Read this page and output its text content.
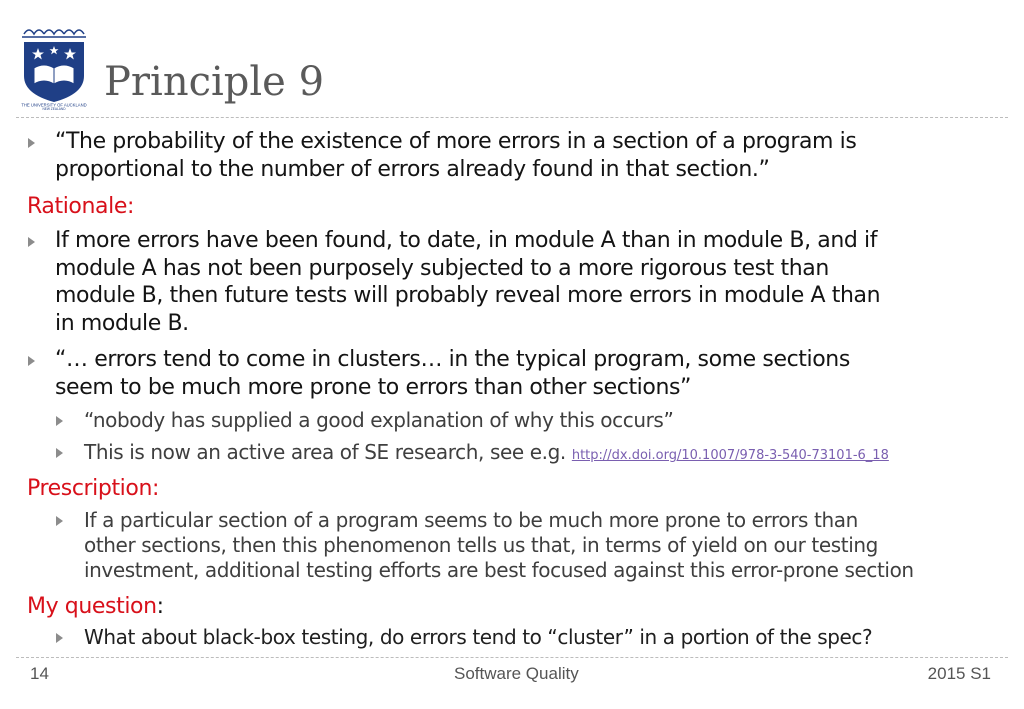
THE UNIVERSITY OF AUCKLAND
NEW ZEALAND
Principle 9
“The probability of the existence of more errors in a section of a program is
proportional to the number of errors already found in that section.”
Rationale:
If more errors have been found, to date, in module A than in module B, and if
module A has not been purposely subjected to a more rigorous test than
module B, then future tests will probably reveal more errors in module A than
in module B.
“… errors tend to come in clusters… in the typical program, some sections
seem to be much more prone to errors than other sections”
“nobody has supplied a good explanation of why this occurs”
This is now an active area of SE research, see e.g. http://dx.doi.org/10.1007/978-3-540-73101-6_18
Prescription:
If a particular section of a program seems to be much more prone to errors than
other sections, then this phenomenon tells us that, in terms of yield on our testing
investment, additional testing efforts are best focused against this error-prone section
My question:
What about black-box testing, do errors tend to “cluster” in a portion of the spec?
14	Software Quality	2015 S1
